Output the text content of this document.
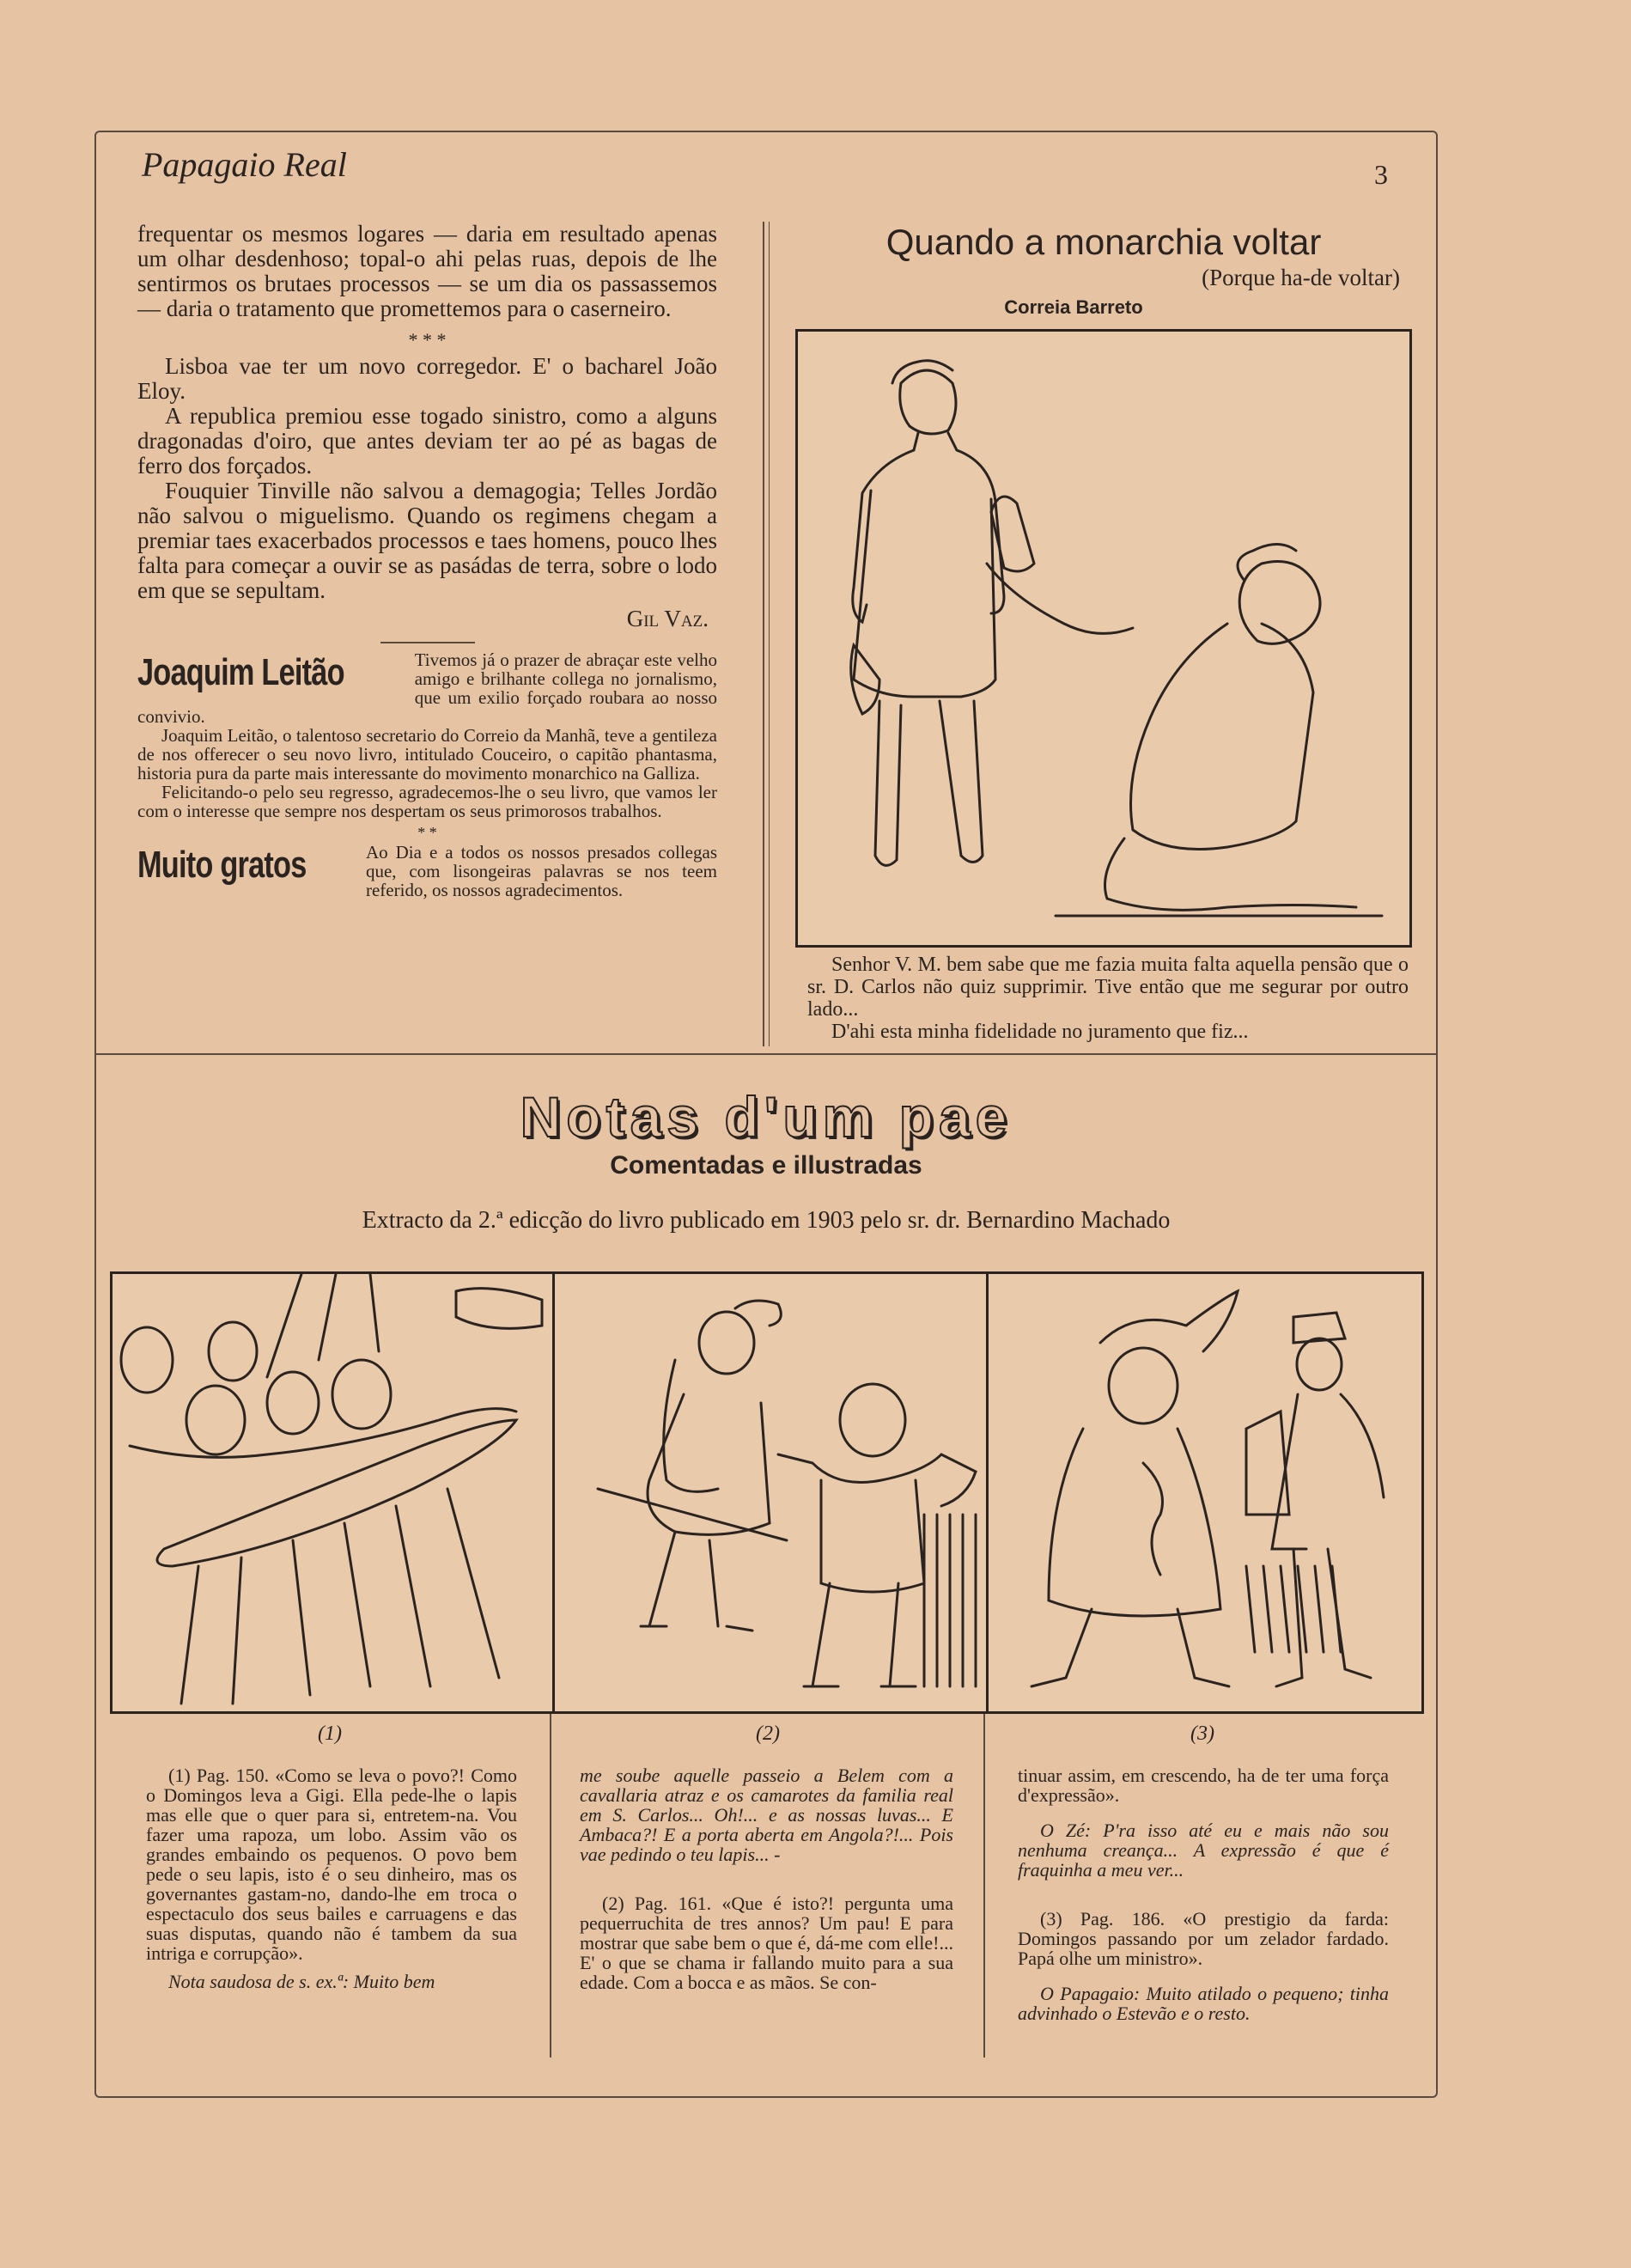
Papagaio Real	3

frequentar os mesmos logares — daria em resultado apenas um olhar desdenhoso; topal-o ahi pelas ruas, depois de lhe sentirmos os brutaes processos — se um dia os passassemos — daria o tratamento que promettemos para o caserneiro.

* * *

Lisboa vae ter um novo corregedor. E' o bacharel João Eloy.

A republica premiou esse togado sinistro, como a alguns dragonadas d'oiro, que antes deviam ter ao pé as bagas de ferro dos forçados.

Fouquier Tinville não salvou a demagogia; Telles Jordão não salvou o miguelismo. Quando os regimens chegam a premiar taes exacerbados processos e taes homens, pouco lhes falta para começar a ouvir se as pasádas de terra, sobre o lodo em que se sepultam.

Gil Vaz.
Joaquim Leitão	Tivemos já o prazer de abraçar este velho amigo e brilhante collega no jornalismo, que um exilio forçado roubara ao nosso convivio.

Joaquim Leitão, o talentoso secretario do Correio da Manhã, teve a gentileza de nos offerecer o seu novo livro, intitulado Couceiro, o capitão phantasma, historia pura da parte mais interessante do movimento monarchico na Galliza.

Felicitando-o pelo seu regresso, agradecemos-lhe o seu livro, que vamos ler com o interesse que sempre nos despertam os seus primorosos trabalhos.

* *
Muito gratos	Ao Dia e a todos os nossos presados collegas que, com lisongeiras palavras se nos teem referido, os nossos agradecimentos.

Quando a monarchia voltar
(Porque ha-de voltar)
Correia Barreto

Senhor V. M. bem sabe que me fazia muita falta aquella pensão que o sr. D. Carlos não quiz supprimir. Tive então que me segurar por outro lado...

D'ahi esta minha fidelidade no juramento que fiz...

Notas d'um pae
Comentadas e illustradas
Extracto da 2.ª edicção do livro publicado em 1903 pelo sr. dr. Bernardino Machado
(1)	(2)	(3)

(1) Pag. 150. «Como se leva o povo?! Como o Domingos leva a Gigi. Ella pede-lhe o lapis mas elle que o quer para si, entretem-na. Vou fazer uma rapoza, um lobo. Assim vão os grandes embaindo os pequenos. O povo bem pede o seu lapis, isto é o seu dinheiro, mas os governantes gastam-no, dando-lhe em troca o espectaculo dos seus bailes e carruagens e das suas disputas, quando não é tambem da sua intriga e corrupção».

Nota saudosa de s. ex.ª: Muito bem

me soube aquelle passeio a Belem com a cavallaria atraz e os camarotes da familia real em S. Carlos... Oh!... e as nossas luvas... E Ambaca?! E a porta aberta em Angola?!... Pois vae pedindo o teu lapis... -

(2) Pag. 161. «Que é isto?! pergunta uma pequerruchita de tres annos? Um pau! E para mostrar que sabe bem o que é, dá-me com elle!... E' o que se chama ir fallando muito para a sua edade. Com a bocca e as mãos. Se con-

tinuar assim, em crescendo, ha de ter uma força d'expressão».

O Zé: P'ra isso até eu e mais não sou nenhuma creança... A expressão é que é fraquinha a meu ver...

(3) Pag. 186. «O prestigio da farda: Domingos passando por um zelador fardado. Papá olhe um ministro».

O Papagaio: Muito atilado o pequeno; tinha advinhado o Estevão e o resto.
